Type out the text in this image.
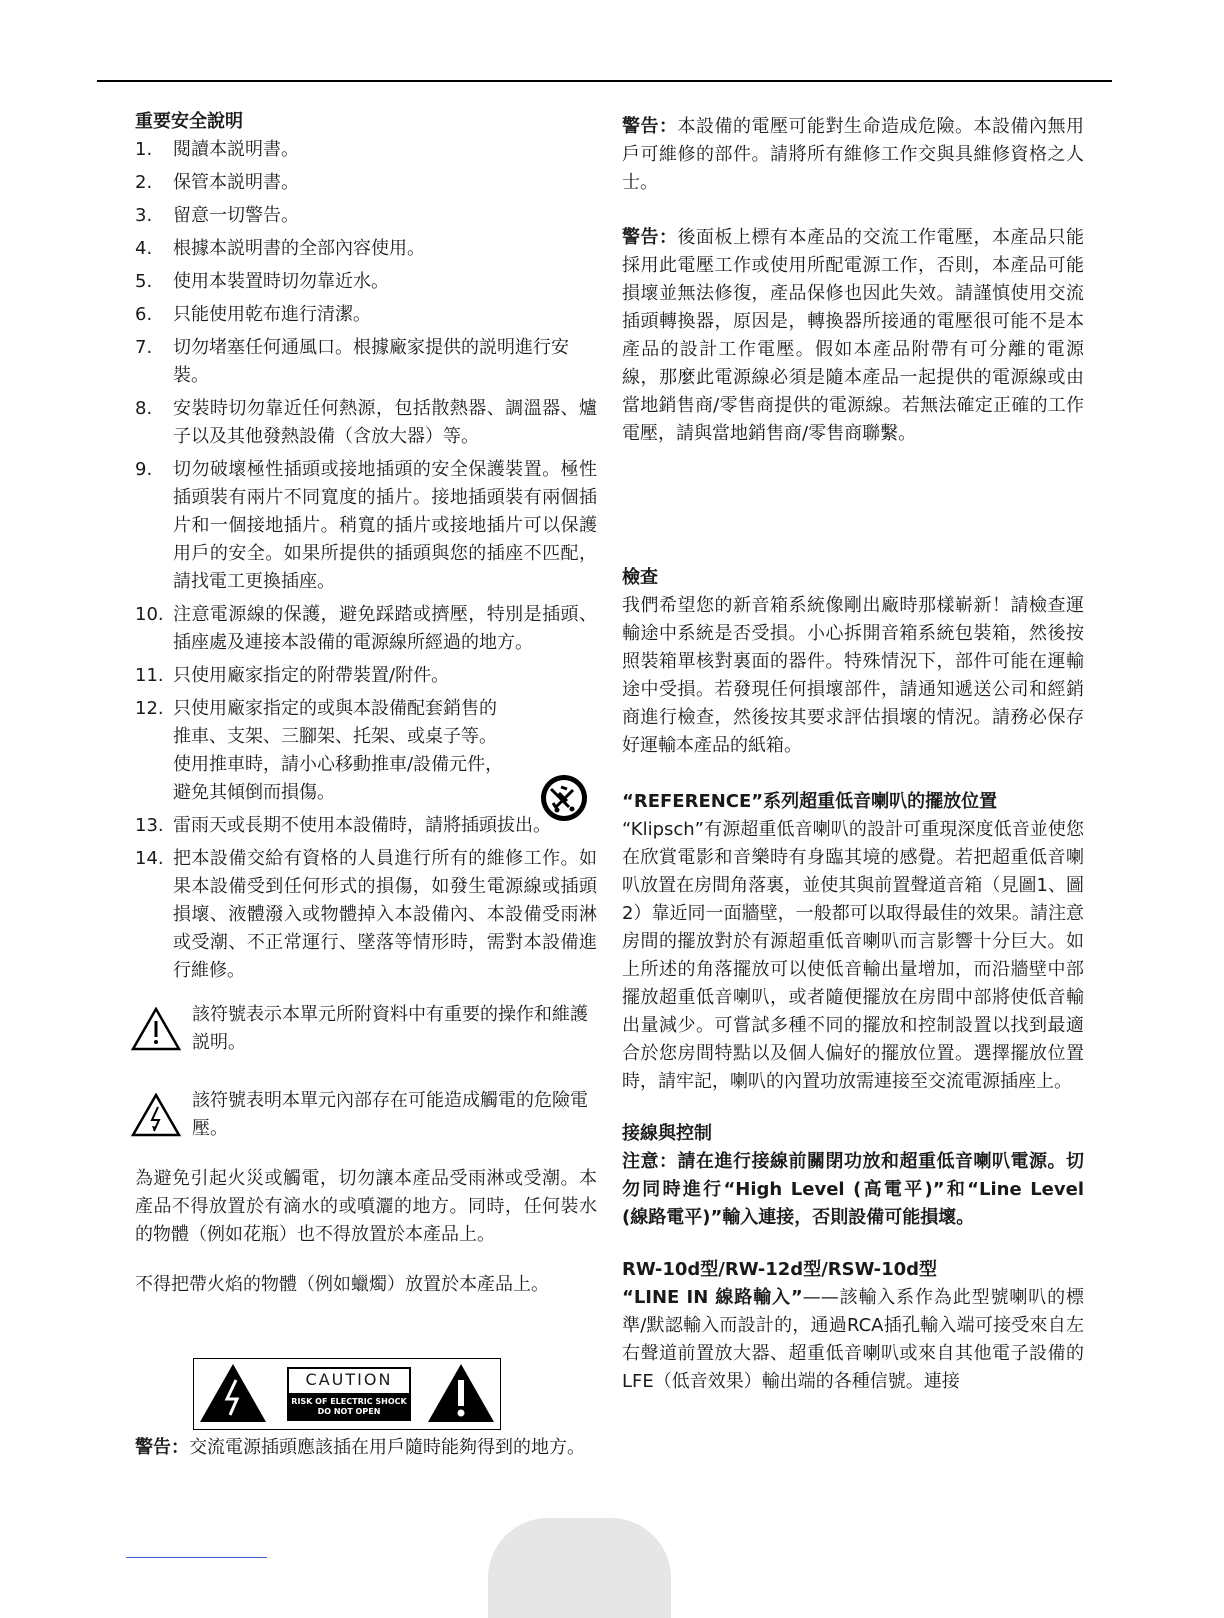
重要安全說明

1. 閱讀本説明書。
2. 保管本説明書。
3. 留意一切警告。
4. 根據本説明書的全部內容使用。
5. 使用本裝置時切勿靠近水。
6. 只能使用乾布進行清潔。
7. 切勿堵塞任何通風口。根據廠家提供的説明進行安裝。
8. 安裝時切勿靠近任何熱源，包括散熱器、調溫器、爐子以及其他發熱設備（含放大器）等。
9. 切勿破壞極性插頭或接地插頭的安全保護裝置。極性插頭裝有兩片不同寬度的插片。接地插頭裝有兩個插片和一個接地插片。稍寬的插片或接地插片可以保護用戶的安全。如果所提供的插頭與您的插座不匹配，請找電工更換插座。
10. 注意電源線的保護，避免踩踏或擠壓，特別是插頭、插座處及連接本設備的電源線所經過的地方。
11. 只使用廠家指定的附帶裝置/附件。
12. 只使用廠家指定的或與本設備配套銷售的推車、支架、三腳架、托架、或桌子等。使用推車時，請小心移動推車/設備元件，避免其傾倒而損傷。
13. 雷雨天或長期不使用本設備時，請將插頭拔出。
14. 把本設備交給有資格的人員進行所有的維修工作。如果本設備受到任何形式的損傷，如發生電源線或插頭損壞、液體潑入或物體掉入本設備內、本設備受雨淋或受潮、不正常運行、墜落等情形時，需對本設備進行維修。

該符號表示本單元所附資料中有重要的操作和維護説明。

該符號表明本單元內部存在可能造成觸電的危險電壓。

為避免引起火災或觸電，切勿讓本產品受雨淋或受潮。本產品不得放置於有滴水的或噴灑的地方。同時，任何裝水的物體（例如花瓶）也不得放置於本產品上。

不得把帶火焰的物體（例如蠟燭）放置於本產品上。

CAUTION
RISK OF ELECTRIC SHOCK
DO NOT OPEN

警告：交流電源插頭應該插在用戶隨時能夠得到的地方。

警告：本設備的電壓可能對生命造成危險。本設備內無用戶可維修的部件。請將所有維修工作交與具維修資格之人士。

警告：後面板上標有本產品的交流工作電壓，本產品只能採用此電壓工作或使用所配電源工作，否則，本產品可能損壞並無法修復，產品保修也因此失效。請謹慎使用交流插頭轉換器，原因是，轉換器所接通的電壓很可能不是本產品的設計工作電壓。假如本產品附帶有可分離的電源線，那麼此電源線必須是隨本產品一起提供的電源線或由當地銷售商/零售商提供的電源線。若無法確定正確的工作電壓，請與當地銷售商/零售商聯繫。

檢查

我們希望您的新音箱系統像剛出廠時那樣嶄新！請檢查運輸途中系統是否受損。小心拆開音箱系統包裝箱，然後按照裝箱單核對裏面的器件。特殊情況下，部件可能在運輸途中受損。若發現任何損壞部件，請通知遞送公司和經銷商進行檢查，然後按其要求評估損壞的情況。請務必保存好運輸本產品的紙箱。

“REFERENCE”系列超重低音喇叭的擺放位置

“Klipsch”有源超重低音喇叭的設計可重現深度低音並使您在欣賞電影和音樂時有身臨其境的感覺。若把超重低音喇叭放置在房間角落裏，並使其與前置聲道音箱（見圖1、圖2）靠近同一面牆壁，一般都可以取得最佳的效果。請注意房間的擺放對於有源超重低音喇叭而言影響十分巨大。如上所述的角落擺放可以使低音輸出量增加，而沿牆壁中部擺放超重低音喇叭，或者隨便擺放在房間中部將使低音輸出量減少。可嘗試多種不同的擺放和控制設置以找到最適合於您房間特點以及個人偏好的擺放位置。選擇擺放位置時，請牢記，喇叭的內置功放需連接至交流電源插座上。

接線與控制

注意：請在進行接線前關閉功放和超重低音喇叭電源。切勿同時進行“High Level (高電平)”和“Line Level (線路電平)”輸入連接，否則設備可能損壞。

RW-10d型/RW-12d型/RSW-10d型

“LINE IN 線路輸入”——該輸入系作為此型號喇叭的標準/默認輸入而設計的，通過RCA插孔輸入端可接受來自左右聲道前置放大器、超重低音喇叭或來自其他電子設備的LFE（低音效果）輸出端的各種信號。連接
